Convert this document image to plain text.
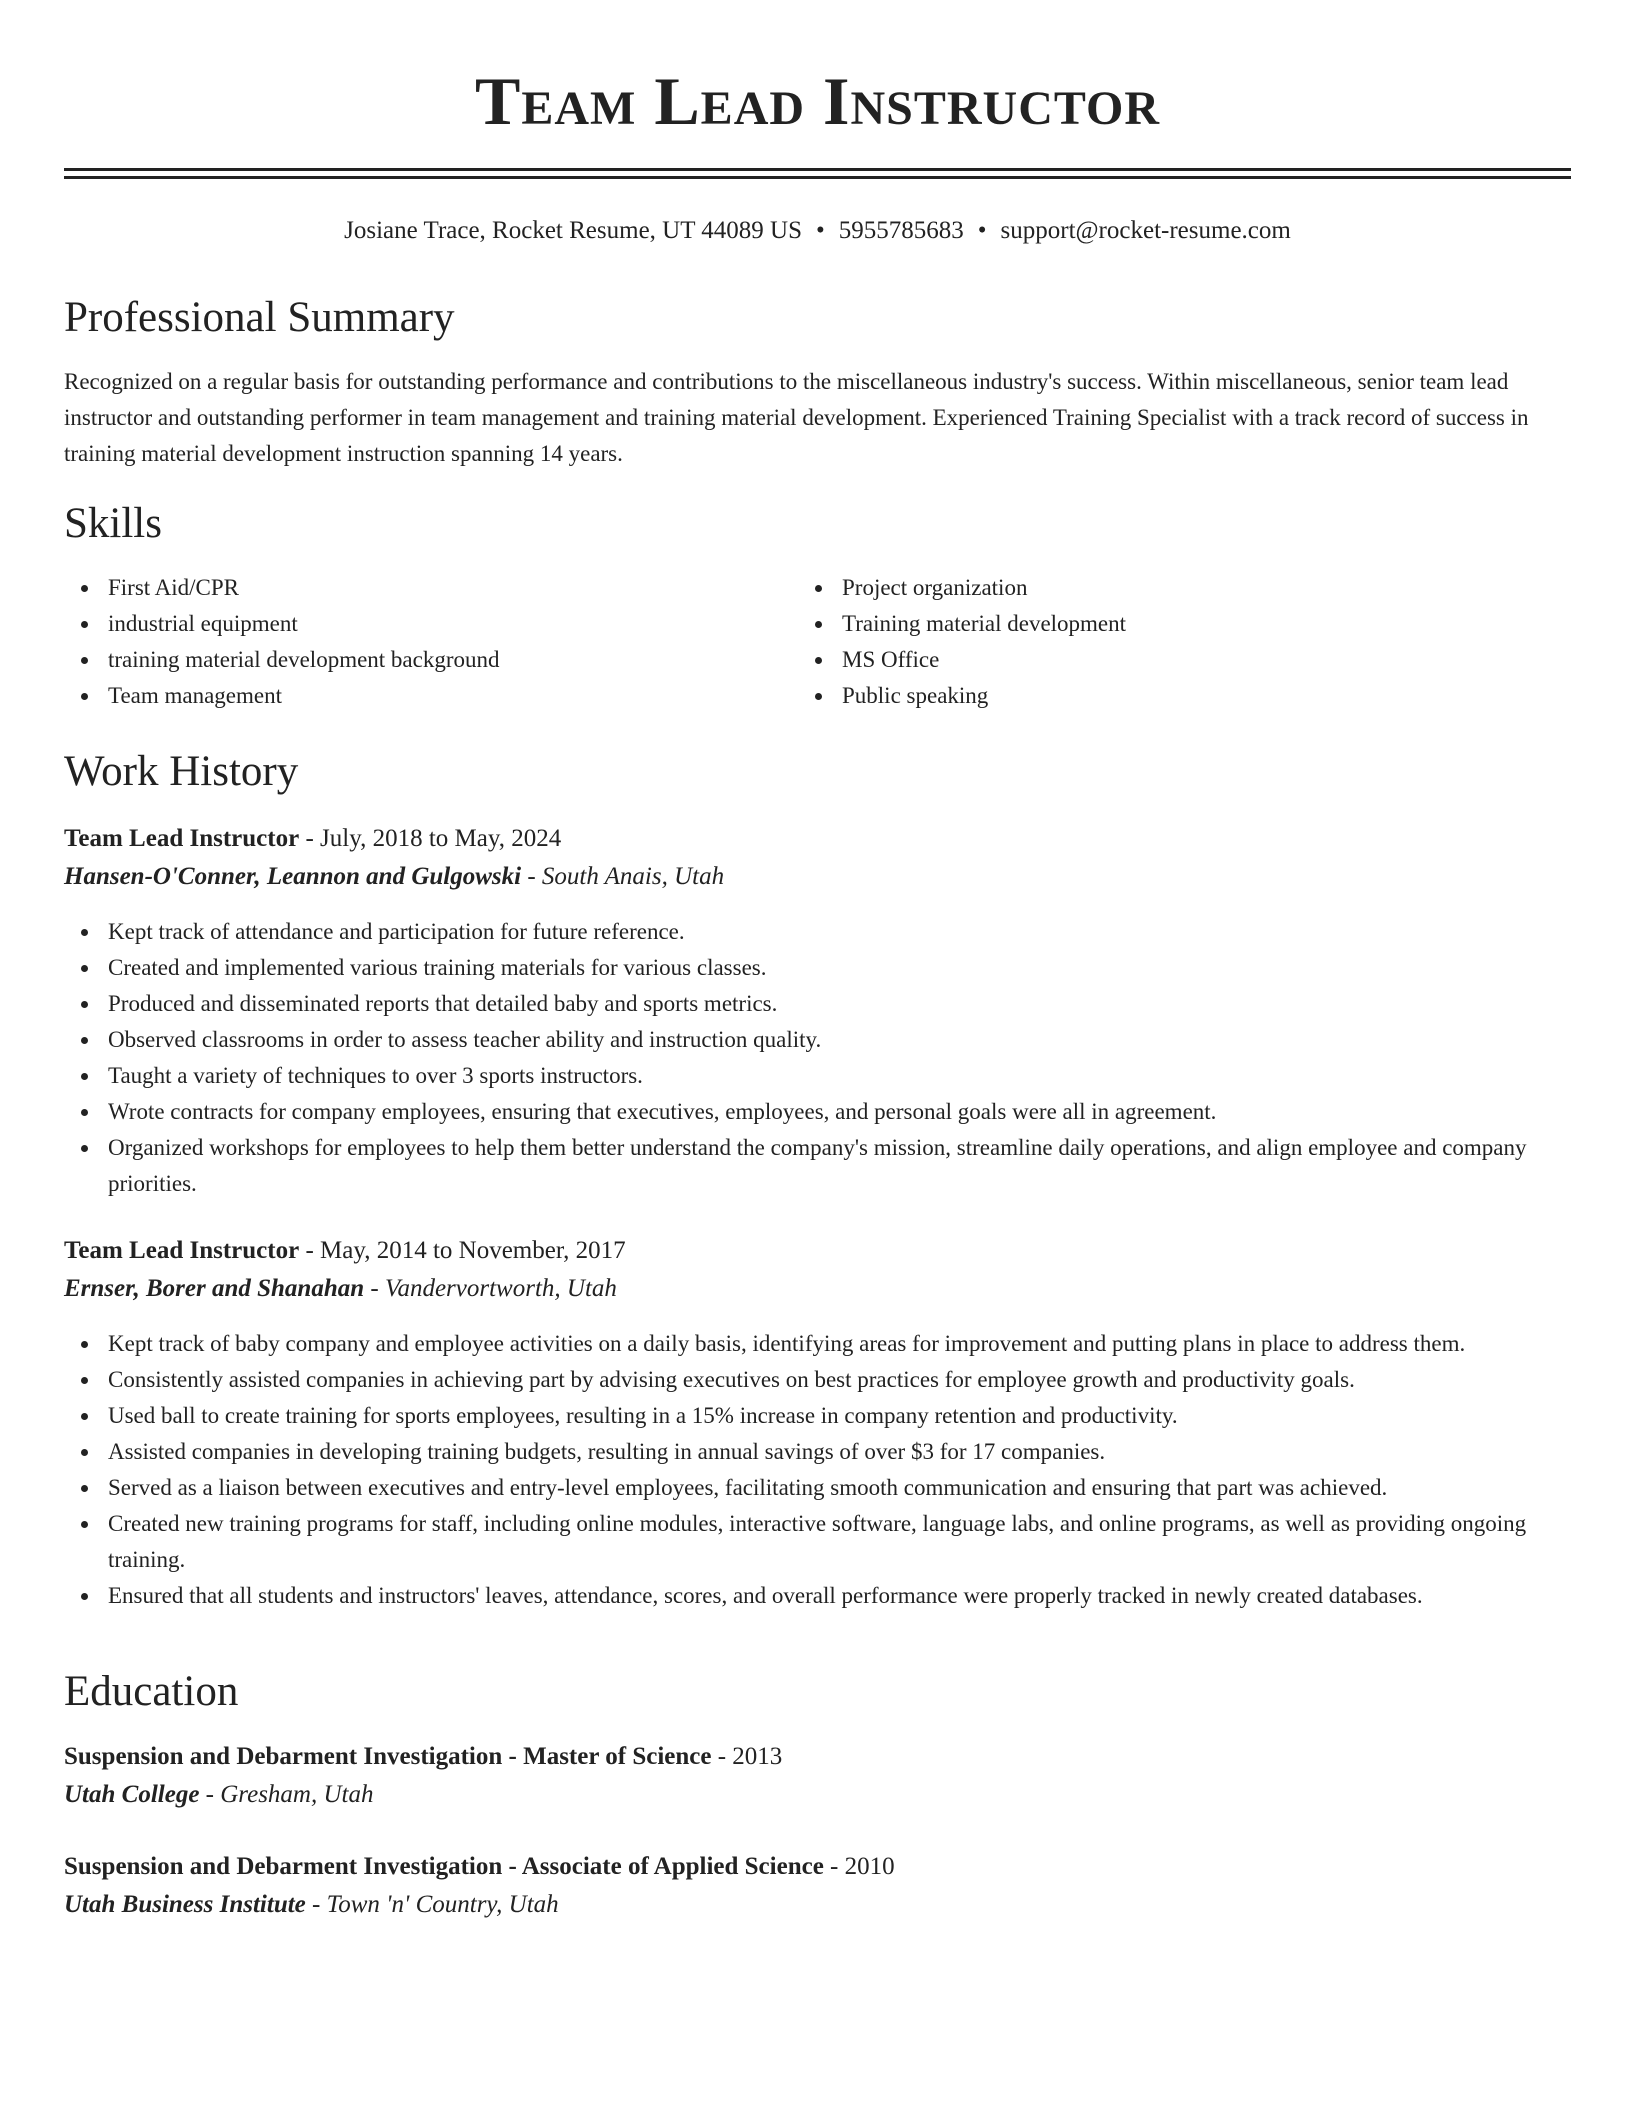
Team Lead Instructor
Josiane Trace, Rocket Resume, UT 44089 US • 5955785683 • support@rocket-resume.com
Professional Summary

Recognized on a regular basis for outstanding performance and contributions to the miscellaneous industry's success. Within miscellaneous, senior team lead instructor and outstanding performer in team management and training material development. Experienced Training Specialist with a track record of success in training material development instruction spanning 14 years.

Skills
First Aid/CPR
industrial equipment
training material development background
Team management
Project organization
Training material development
MS Office
Public speaking
Work History
Team Lead Instructor - July, 2018 to May, 2024
Hansen-O'Conner, Leannon and Gulgowski - South Anais, Utah
Kept track of attendance and participation for future reference.
Created and implemented various training materials for various classes.
Produced and disseminated reports that detailed baby and sports metrics.
Observed classrooms in order to assess teacher ability and instruction quality.
Taught a variety of techniques to over 3 sports instructors.
Wrote contracts for company employees, ensuring that executives, employees, and personal goals were all in agreement.
Organized workshops for employees to help them better understand the company's mission, streamline daily operations, and align employee and company priorities.
Team Lead Instructor - May, 2014 to November, 2017
Ernser, Borer and Shanahan - Vandervortworth, Utah
Kept track of baby company and employee activities on a daily basis, identifying areas for improvement and putting plans in place to address them.
Consistently assisted companies in achieving part by advising executives on best practices for employee growth and productivity goals.
Used ball to create training for sports employees, resulting in a 15% increase in company retention and productivity.
Assisted companies in developing training budgets, resulting in annual savings of over $3 for 17 companies.
Served as a liaison between executives and entry-level employees, facilitating smooth communication and ensuring that part was achieved.
Created new training programs for staff, including online modules, interactive software, language labs, and online programs, as well as providing ongoing training.
Ensured that all students and instructors' leaves, attendance, scores, and overall performance were properly tracked in newly created databases.
Education
Suspension and Debarment Investigation - Master of Science - 2013
Utah College - Gresham, Utah
Suspension and Debarment Investigation - Associate of Applied Science - 2010
Utah Business Institute - Town 'n' Country, Utah
